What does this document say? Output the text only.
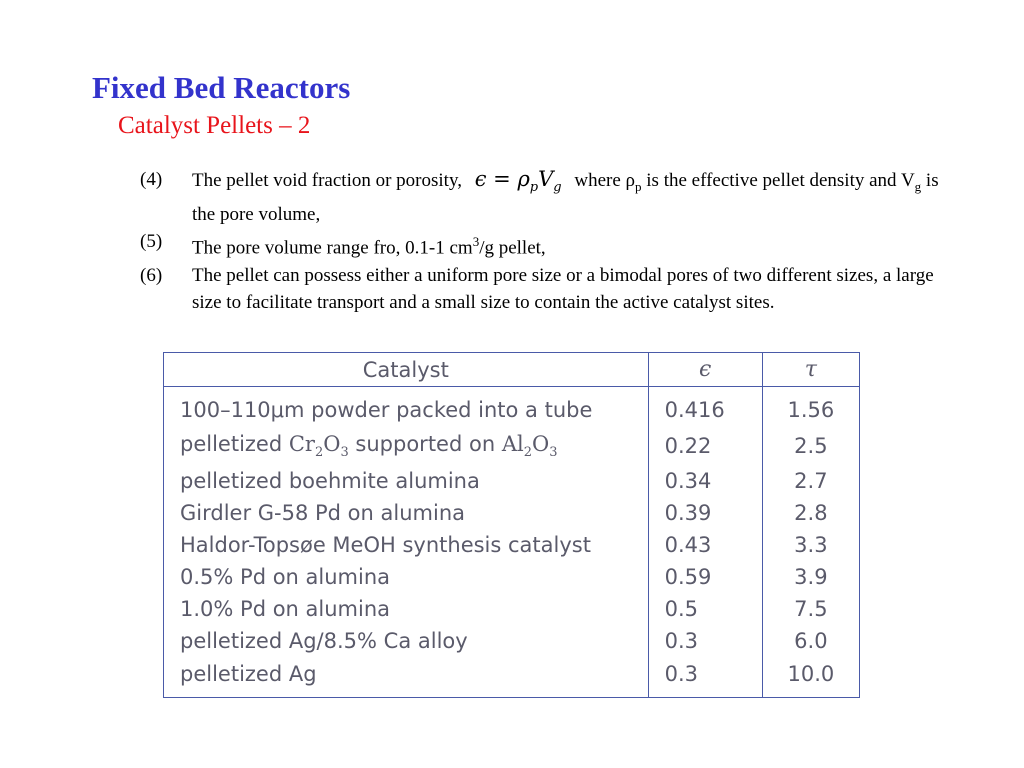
Fixed Bed Reactors
Catalyst Pellets – 2
(4)	The pellet void fraction or porosity, $\epsilon = \rho_pV_g$ where $\rho_p$ is the effective pellet density and $V_g$ is the pore volume,
(5)	The pore volume range fro, 0.1-1 $cm^3/g$ pellet,
(6)	The pellet can possess either a uniform pore size or a bimodal pores of two different sizes, a large size to facilitate transport and a small size to contain the active catalyst sites.
Catalyst	ϵ	τ
100–110μm powder packed into a tube	0.416	1.56
pelletized $Cr_2O_3$ supported on $Al_2O_3$	0.22	2.5
pelletized boehmite alumina	0.34	2.7
Girdler G-58 Pd on alumina	0.39	2.8
Haldor-Topsøe MeOH synthesis catalyst	0.43	3.3
0.5% Pd on alumina	0.59	3.9
1.0% Pd on alumina	0.5	7.5
pelletized Ag/8.5% Ca alloy	0.3	6.0
pelletized Ag	0.3	10.0
